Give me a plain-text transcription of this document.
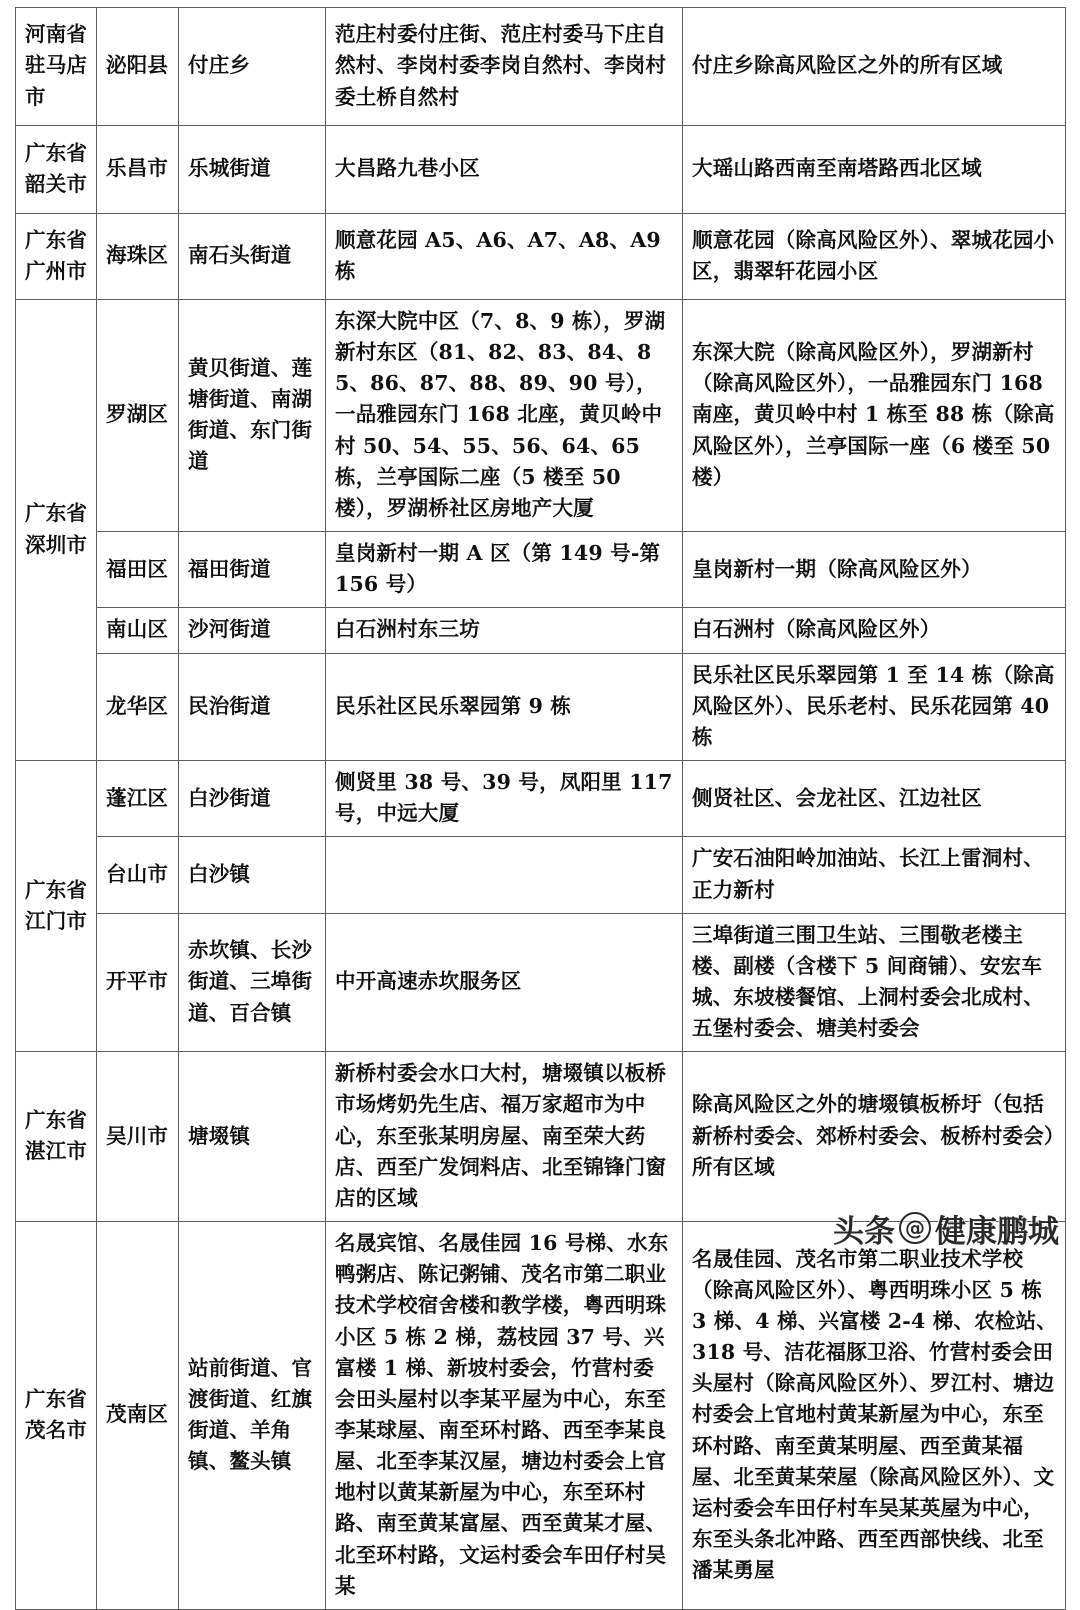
河南省驻马店市	泌阳县	付庄乡	范庄村委付庄街、范庄村委马下庄自然村、李岗村委李岗自然村、李岗村委土桥自然村	付庄乡除高风险区之外的所有区域
广东省韶关市	乐昌市	乐城街道	大昌路九巷小区	大瑶山路西南至南塔路西北区域
广东省广州市	海珠区	南石头街道	顺意花园 A5、A6、A7、A8、A9 栋	顺意花园（除高风险区外）、翠城花园小区，翡翠轩花园小区
广东省深圳市	罗湖区	黄贝街道、莲塘街道、南湖街道、东门街道	东深大院中区（7、8、9 栋），罗湖新村东区（81、82、83、84、85、86、87、88、89、90 号），一品雅园东门 168 北座，黄贝岭中村 50、54、55、56、64、65 栋，兰亭国际二座（5 楼至 50 楼），罗湖桥社区房地产大厦	东深大院（除高风险区外），罗湖新村（除高风险区外），一品雅园东门 168 南座，黄贝岭中村 1 栋至 88 栋（除高风险区外），兰亭国际一座（6 楼至 50 楼）
	福田区	福田街道	皇岗新村一期 A 区（第 149 号-第 156 号）	皇岗新村一期（除高风险区外）
	南山区	沙河街道	白石洲村东三坊	白石洲村（除高风险区外）
	龙华区	民治街道	民乐社区民乐翠园第 9 栋	民乐社区民乐翠园第 1 至 14 栋（除高风险区外）、民乐老村、民乐花园第 40 栋
广东省江门市	蓬江区	白沙街道	侧贤里 38 号、39 号，凤阳里 117 号，中远大厦	侧贤社区、会龙社区、江边社区
	台山市	白沙镇		广安石油阳岭加油站、长江上雷洞村、正力新村
	开平市	赤坎镇、长沙街道、三埠街道、百合镇	中开高速赤坎服务区	三埠街道三围卫生站、三围敬老楼主楼、副楼（含楼下 5 间商铺）、安宏车城、东坡楼餐馆、上洞村委会北成村、五堡村委会、塘美村委会
广东省湛江市	吴川市	塘㙍镇	新桥村委会水口大村，塘㙍镇以板桥市场烤奶先生店、福万家超市为中心，东至张某明房屋、南至荣大药店、西至广发饲料店、北至锦锋门窗店的区域	除高风险区之外的塘㙍镇板桥圩（包括新桥村委会、郊桥村委会、板桥村委会）所有区域
广东省茂名市	茂南区	站前街道、官渡街道、红旗街道、羊角镇、鳌头镇	名晟宾馆、名晟佳园 16 号梯、水东鸭粥店、陈记粥铺、茂名市第二职业技术学校宿舍楼和教学楼，粤西明珠小区 5 栋 2 梯，荔枝园 37 号、兴富楼 1 梯、新坡村委会，竹营村委会田头屋村以李某平屋为中心，东至李某球屋、南至环村路、西至李某良屋、北至李某汉屋，塘边村委会上官地村以黄某新屋为中心，东至环村路、南至黄某富屋、西至黄某才屋、北至环村路，文运村委会车田仔村吴某	名晟佳园、茂名市第二职业技术学校（除高风险区外）、粤西明珠小区 5 栋 3 梯、4 梯、兴富楼 2-4 梯、农检站、318 号、洁花福豚卫浴、竹营村委会田头屋村（除高风险区外）、罗江村、塘边村委会上官地村黄某新屋为中心，东至环村路、南至黄某明屋、西至黄某福屋、北至黄某荣屋（除高风险区外）、文运村委会车田仔村车吴某英屋为中心，东至头条北冲路、西至西部快线、北至潘某勇屋
头条 @ 健康鹏城
